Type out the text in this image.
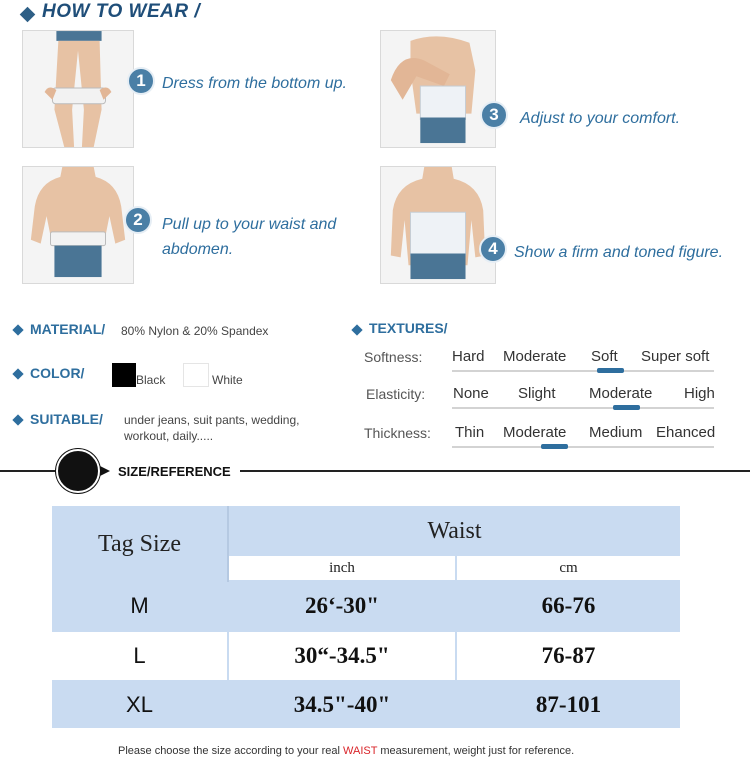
HOW TO WEAR /
1	Dress from the bottom up.
2	Pull up to your waist and
abdomen.
3	Adjust to your comfort.
4	Show a firm and toned figure.
MATERIAL/ 80% Nylon & 20% Spandex
COLOR/	Black	White
SUITABLE/ under jeans, suit pants, wedding,
workout, daily.....
TEXTURES/
Softness: Hard Moderate Soft Super soft
Elasticity: None Slight Moderate High
Thickness: Thin Moderate Medium Ehanced
SIZE/REFERENCE
Tag Size	Waist
inch	cm
M	26‘-30"	66-76
L	30“-34.5"	76-87
XL	34.5"-40"	87-101
Please choose the size according to your real WAIST measurement, weight just for reference.
